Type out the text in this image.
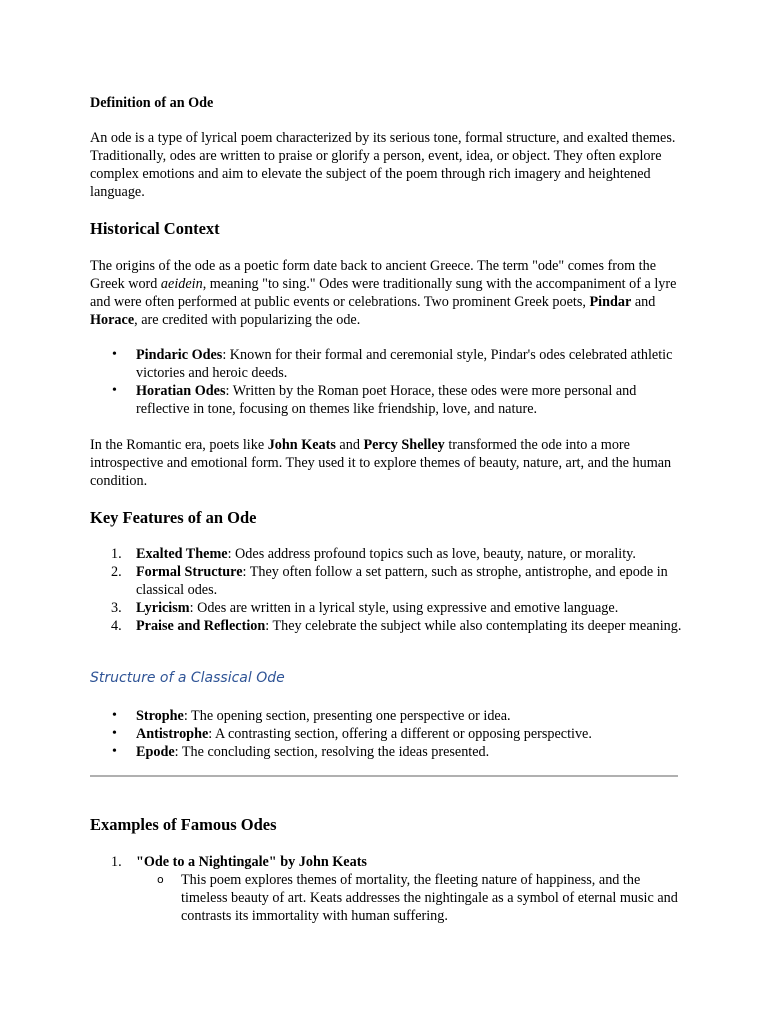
Definition of an Ode

An ode is a type of lyrical poem characterized by its serious tone, formal structure, and exalted themes. Traditionally, odes are written to praise or glorify a person, event, idea, or object. They often explore complex emotions and aim to elevate the subject of the poem through rich imagery and heightened language.

Historical Context

The origins of the ode as a poetic form date back to ancient Greece. The term "ode" comes from the Greek word aeidein, meaning "to sing." Odes were traditionally sung with the accompaniment of a lyre and were often performed at public events or celebrations. Two prominent Greek poets, Pindar and Horace, are credited with popularizing the ode.

• Pindaric Odes: Known for their formal and ceremonial style, Pindar's odes celebrated athletic victories and heroic deeds.
• Horatian Odes: Written by the Roman poet Horace, these odes were more personal and reflective in tone, focusing on themes like friendship, love, and nature.

In the Romantic era, poets like John Keats and Percy Shelley transformed the ode into a more introspective and emotional form. They used it to explore themes of beauty, nature, art, and the human condition.

Key Features of an Ode
1. Exalted Theme: Odes address profound topics such as love, beauty, nature, or morality.
2. Formal Structure: They often follow a set pattern, such as strophe, antistrophe, and epode in classical odes.
3. Lyricism: Odes are written in a lyrical style, using expressive and emotive language.
4. Praise and Reflection: They celebrate the subject while also contemplating its deeper meaning.
Structure of a Classical Ode
• Strophe: The opening section, presenting one perspective or idea.
• Antistrophe: A contrasting section, offering a different or opposing perspective.
• Epode: The concluding section, resolving the ideas presented.
Examples of Famous Odes
1. "Ode to a Nightingale" by John Keats
o This poem explores themes of mortality, the fleeting nature of happiness, and the timeless beauty of art. Keats addresses the nightingale as a symbol of eternal music and contrasts its immortality with human suffering.
